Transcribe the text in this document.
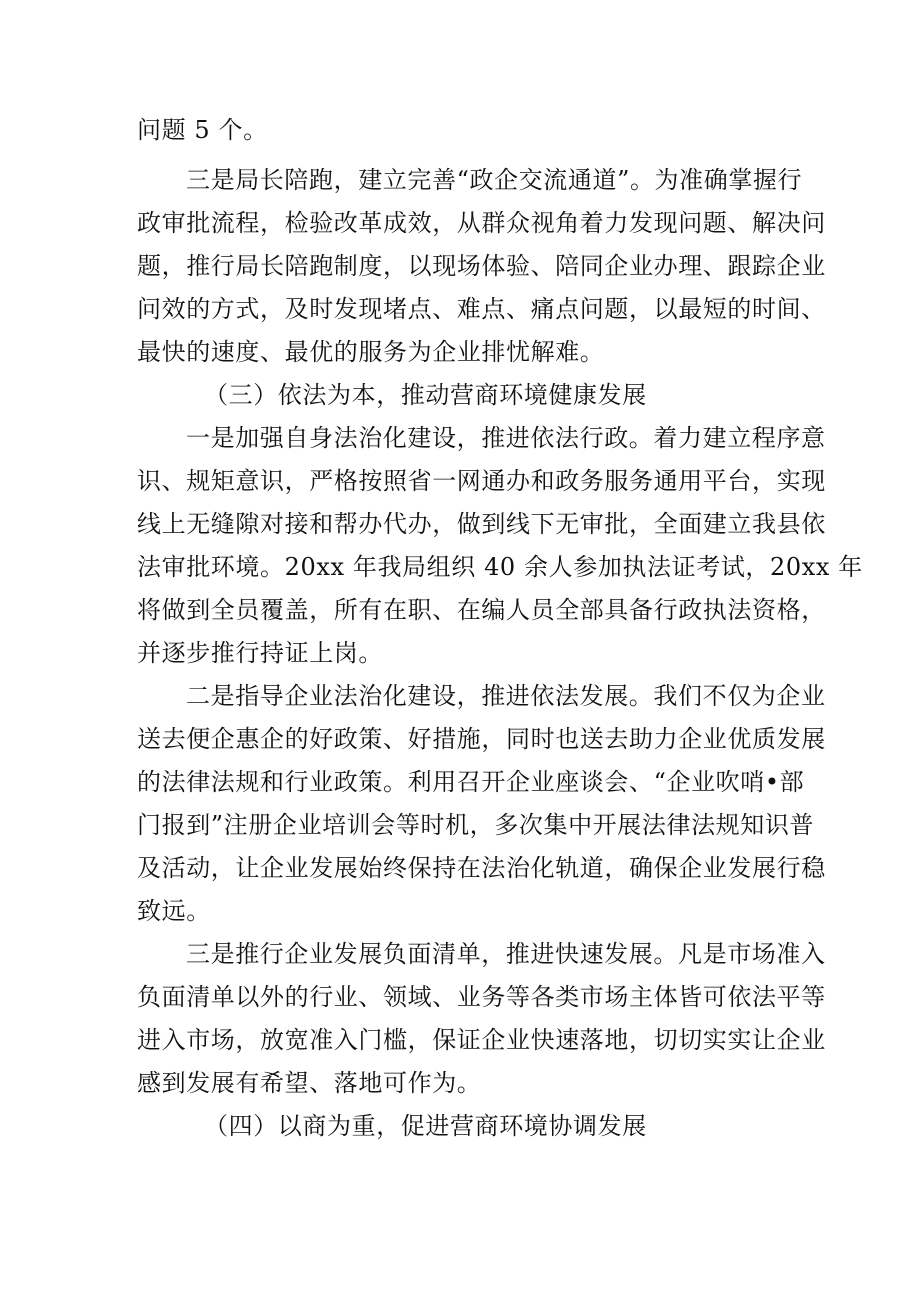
问题 5 个。
三是局长陪跑，建立完善“政企交流通道”。为准确掌握行
政审批流程，检验改革成效，从群众视角着力发现问题、解决问
题，推行局长陪跑制度，以现场体验、陪同企业办理、跟踪企业
问效的方式，及时发现堵点、难点、痛点问题，以最短的时间、
最快的速度、最优的服务为企业排忧解难。
（三）依法为本，推动营商环境健康发展
一是加强自身法治化建设，推进依法行政。着力建立程序意
识、规矩意识，严格按照省一网通办和政务服务通用平台，实现
线上无缝隙对接和帮办代办，做到线下无审批，全面建立我县依
法审批环境。20xx 年我局组织 40 余人参加执法证考试，20xx 年
将做到全员覆盖，所有在职、在编人员全部具备行政执法资格，
并逐步推行持证上岗。
二是指导企业法治化建设，推进依法发展。我们不仅为企业
送去便企惠企的好政策、好措施，同时也送去助力企业优质发展
的法律法规和行业政策。利用召开企业座谈会、“企业吹哨•部
门报到”注册企业培训会等时机，多次集中开展法律法规知识普
及活动，让企业发展始终保持在法治化轨道，确保企业发展行稳
致远。
三是推行企业发展负面清单，推进快速发展。凡是市场准入
负面清单以外的行业、领域、业务等各类市场主体皆可依法平等
进入市场，放宽准入门槛，保证企业快速落地，切切实实让企业
感到发展有希望、落地可作为。
（四）以商为重，促进营商环境协调发展
